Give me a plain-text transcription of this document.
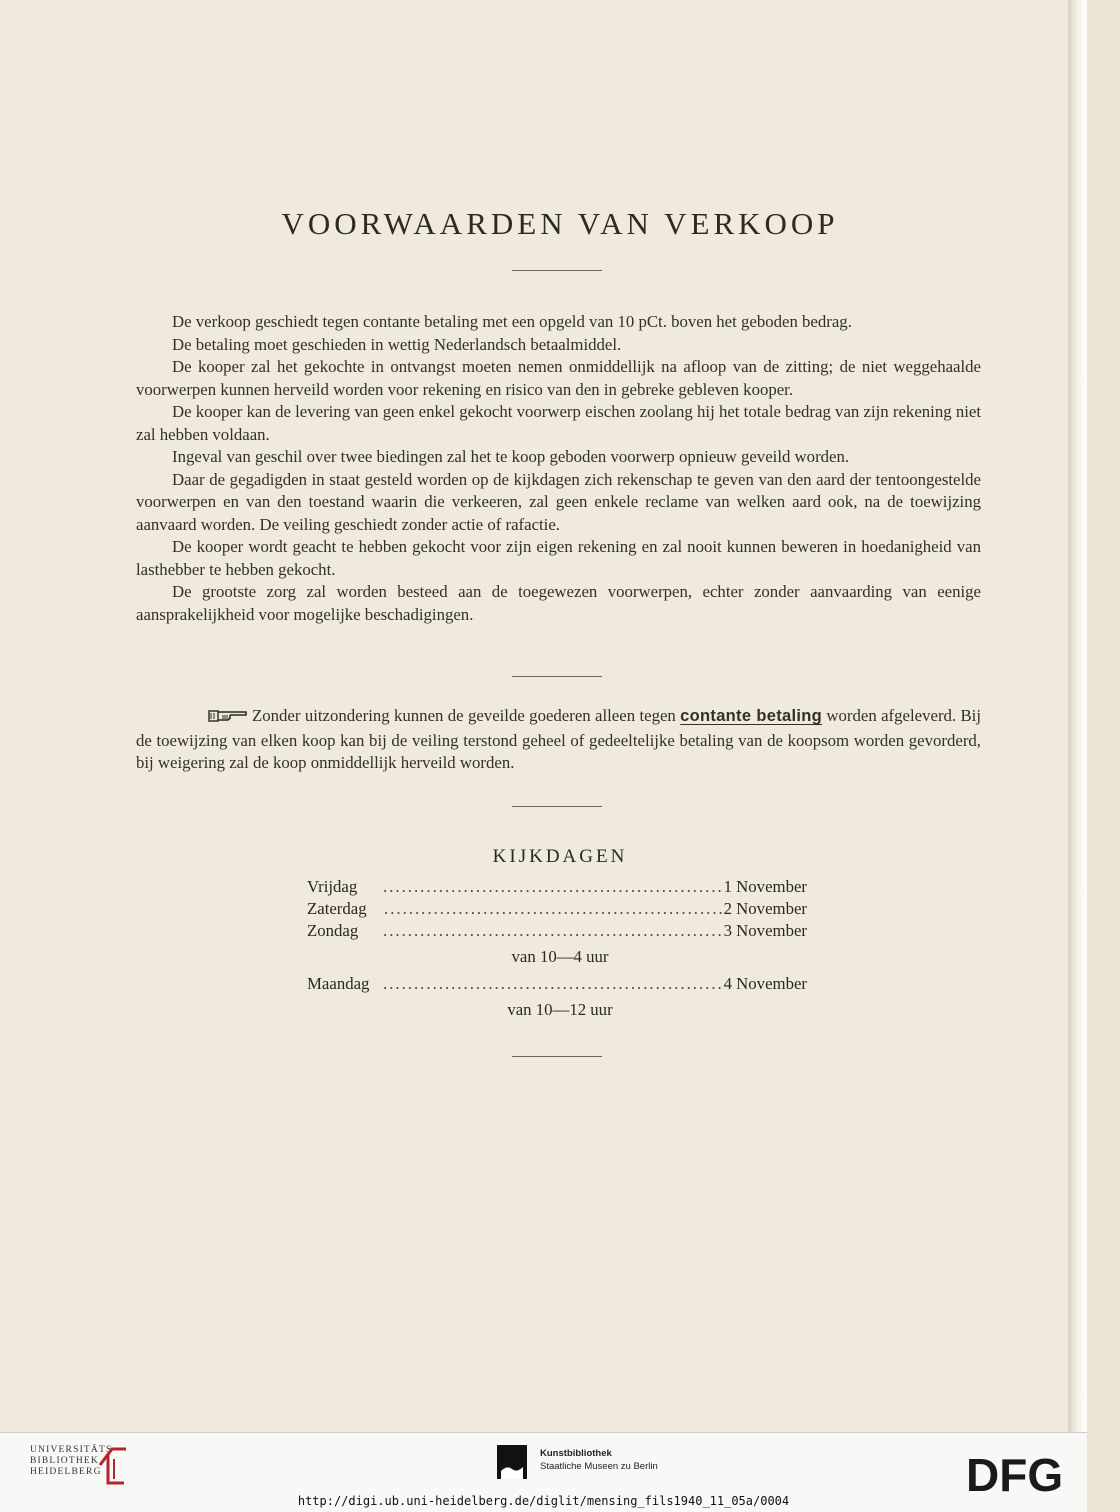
VOORWAARDEN VAN VERKOOP

De verkoop geschiedt tegen contante betaling met een opgeld van 10 pCt. boven het geboden bedrag.

De betaling moet geschieden in wettig Nederlandsch betaalmiddel.

De kooper zal het gekochte in ontvangst moeten nemen onmiddellijk na afloop van de zitting; de niet weggehaalde voorwerpen kunnen herveild worden voor rekening en risico van den in gebreke gebleven kooper.

De kooper kan de levering van geen enkel gekocht voorwerp eischen zoolang hij het totale bedrag van zijn rekening niet zal hebben voldaan.

Ingeval van geschil over twee biedingen zal het te koop geboden voorwerp opnieuw geveild worden.

Daar de gegadigden in staat gesteld worden op de kijkdagen zich rekenschap te geven van den aard der tentoongestelde voorwerpen en van den toestand waarin die verkeeren, zal geen enkele reclame van welken aard ook, na de toewijzing aanvaard worden. De veiling geschiedt zonder actie of rafactie.

De kooper wordt geacht te hebben gekocht voor zijn eigen rekening en zal nooit kunnen beweren in hoedanigheid van lasthebber te hebben gekocht.

De grootste zorg zal worden besteed aan de toegewezen voorwerpen, echter zonder aanvaarding van eenige aansprakelijkheid voor mogelijke beschadigingen.

Zonder uitzondering kunnen de geveilde goederen alleen tegen contante betaling worden afgeleverd. Bij de toewijzing van elken koop kan bij de veiling terstond geheel of gedeeltelijke betaling van de koopsom worden gevorderd, bij weigering zal de koop onmiddellijk herveild worden.
KIJKDAGEN
Vrijdag ....................................................... 1 November
Zaterdag .......................................................
2 November
Zondag ....................................................... 3 November
van 10—4 uur
Maandag ....................................................... 4 November
van 10—12 uur
UNIVERSITÄTS-
BIBLIOTHEK
HEIDELBERG
Kunstbibliothek
Staatliche Museen zu Berlin	DFG
http://digi.ub.uni-heidelberg.de/diglit/mensing_fils1940_11_05a/0004
